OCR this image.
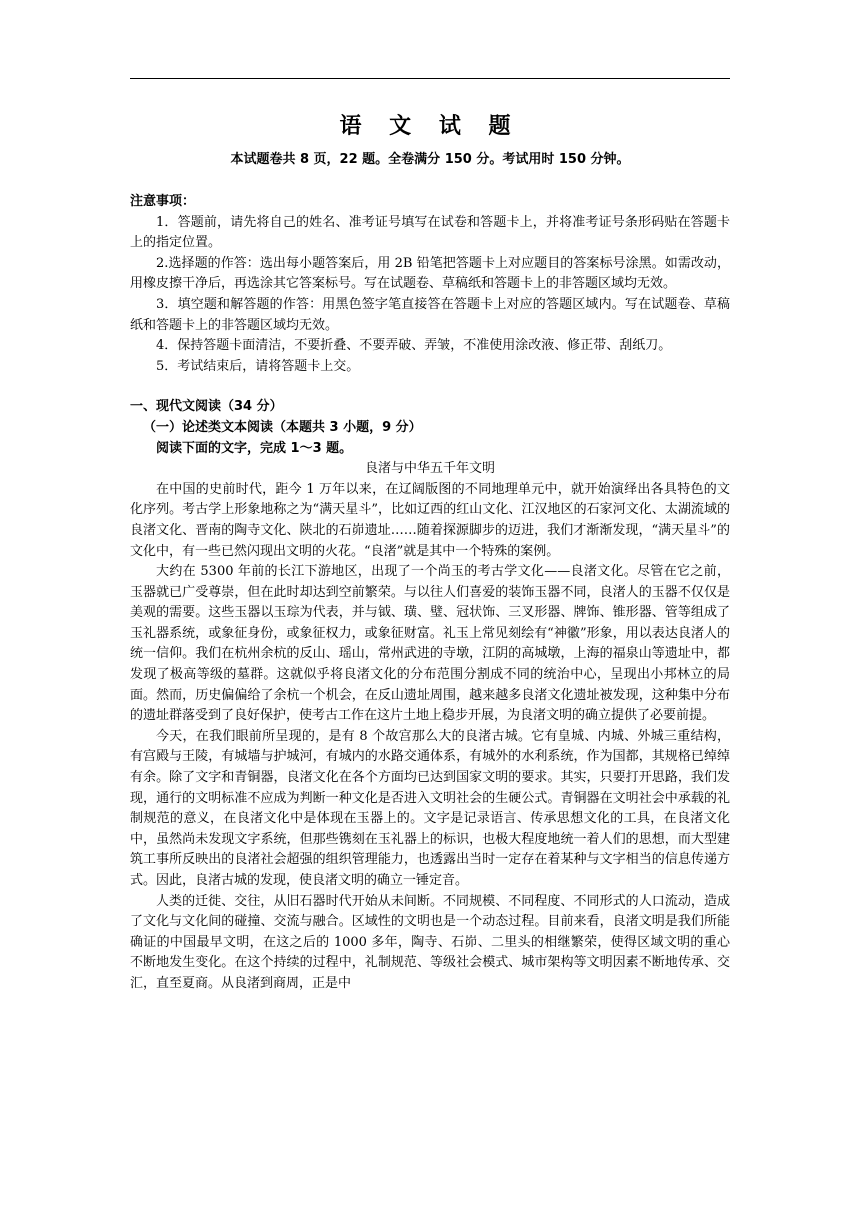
语 文 试 题
本试题卷共 8 页，22 题。全卷满分 150 分。考试用时 150 分钟。
注意事项：

1．答题前，请先将自己的姓名、准考证号填写在试卷和答题卡上，并将准考证号条形码贴在答题卡上的指定位置。

2.选择题的作答：选出每小题答案后，用 2B 铅笔把答题卡上对应题目的答案标号涂黑。如需改动，用橡皮擦干净后，再选涂其它答案标号。写在试题卷、草稿纸和答题卡上的非答题区域均无效。

3．填空题和解答题的作答：用黑色签字笔直接答在答题卡上对应的答题区域内。写在试题卷、草稿纸和答题卡上的非答题区域均无效。

4．保持答题卡面清洁，不要折叠、不要弄破、弄皱，不准使用涂改液、修正带、刮纸刀。

5．考试结束后，请将答题卡上交。

一、现代文阅读（34 分）
（一）论述类文本阅读（本题共 3 小题，9 分）
阅读下面的文字，完成 1～3 题。
良渚与中华五千年文明

在中国的史前时代，距今 1 万年以来，在辽阔版图的不同地理单元中，就开始演绎出各具特色的文化序列。考古学上形象地称之为“满天星斗”，比如辽西的红山文化、江汉地区的石家河文化、太湖流域的良渚文化、晋南的陶寺文化、陕北的石峁遗址……随着探源脚步的迈进，我们才渐渐发现，“满天星斗”的文化中，有一些已然闪现出文明的火花。“良渚”就是其中一个特殊的案例。

大约在 5300 年前的长江下游地区，出现了一个尚玉的考古学文化——良渚文化。尽管在它之前，玉器就已广受尊崇，但在此时却达到空前繁荣。与以往人们喜爱的装饰玉器不同，良渚人的玉器不仅仅是美观的需要。这些玉器以玉琮为代表，并与钺、璜、璧、冠状饰、三叉形器、牌饰、锥形器、管等组成了玉礼器系统，或象征身份，或象征权力，或象征财富。礼玉上常见刻绘有“神徽”形象，用以表达良渚人的统一信仰。我们在杭州余杭的反山、瑶山，常州武进的寺墩，江阴的高城墩，上海的福泉山等遗址中，都发现了极高等级的墓群。这就似乎将良渚文化的分布范围分割成不同的统治中心，呈现出小邦林立的局面。然而，历史偏偏给了余杭一个机会，在反山遗址周围，越来越多良渚文化遗址被发现，这种集中分布的遗址群落受到了良好保护，使考古工作在这片土地上稳步开展，为良渚文明的确立提供了必要前提。

今天，在我们眼前所呈现的，是有 8 个故宫那么大的良渚古城。它有皇城、内城、外城三重结构，有宫殿与王陵，有城墙与护城河，有城内的水路交通体系，有城外的水利系统，作为国都，其规格已绰绰有余。除了文字和青铜器，良渚文化在各个方面均已达到国家文明的要求。其实，只要打开思路，我们发现，通行的文明标准不应成为判断一种文化是否进入文明社会的生硬公式。青铜器在文明社会中承载的礼制规范的意义，在良渚文化中是体现在玉器上的。文字是记录语言、传承思想文化的工具，在良渚文化中，虽然尚未发现文字系统，但那些镌刻在玉礼器上的标识，也极大程度地统一着人们的思想，而大型建筑工事所反映出的良渚社会超强的组织管理能力，也透露出当时一定存在着某种与文字相当的信息传递方式。因此，良渚古城的发现，使良渚文明的确立一锤定音。

人类的迁徙、交往，从旧石器时代开始从未间断。不同规模、不同程度、不同形式的人口流动，造成了文化与文化间的碰撞、交流与融合。区域性的文明也是一个动态过程。目前来看，良渚文明是我们所能确证的中国最早文明，在这之后的 1000 多年，陶寺、石峁、二里头的相继繁荣，使得区域文明的重心不断地发生变化。在这个持续的过程中，礼制规范、等级社会模式、城市架构等文明因素不断地传承、交汇，直至夏商。从良渚到商周，正是中
